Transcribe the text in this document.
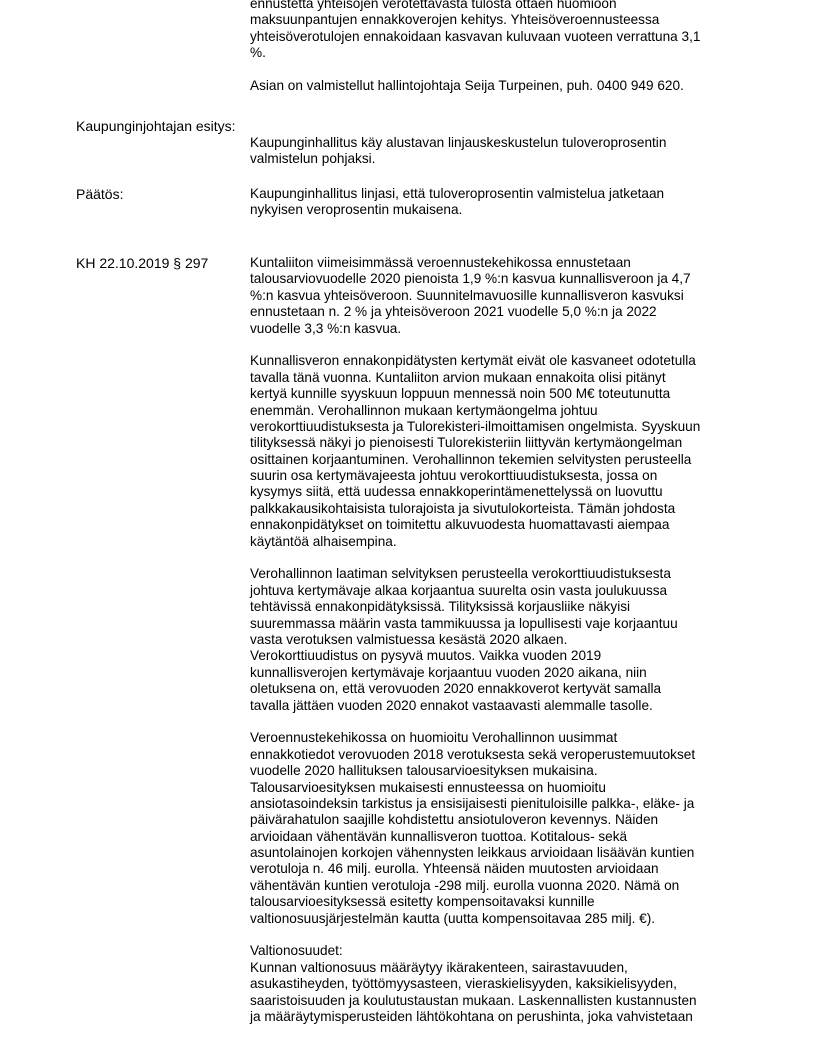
ennustetta yhteisöjen verotettavasta tulosta ottaen huomioon
maksuunpantujen ennakkoverojen kehitys. Yhteisöveroennusteessa
yhteisöverotulojen ennakoidaan kasvavan kuluvaan vuoteen verrattuna 3,1
%.
Asian on valmistellut hallintojohtaja Seija Turpeinen, puh. 0400 949 620.
Kaupunginjohtajan esitys:
Kaupunginhallitus käy alustavan linjauskeskustelun tuloveroprosentin
valmistelun pohjaksi.
Päätös:	Kaupunginhallitus linjasi, että tuloveroprosentin valmistelua jatketaan
nykyisen veroprosentin mukaisena.
KH 22.10.2019 § 297	Kuntaliiton viimeisimmässä veroennustekehikossa ennustetaan
talousarviovuodelle 2020 pienoista 1,9 %:n kasvua kunnallisveroon ja 4,7
%:n kasvua yhteisöveroon. Suunnitelmavuosille kunnallisveron kasvuksi
ennustetaan n. 2 % ja yhteisöveroon 2021 vuodelle 5,0 %:n ja 2022
vuodelle 3,3 %:n kasvua.
Kunnallisveron ennakonpidätysten kertymät eivät ole kasvaneet odotetulla
tavalla tänä vuonna. Kuntaliiton arvion mukaan ennakoita olisi pitänyt
kertyä kunnille syyskuun loppuun mennessä noin 500 M€ toteutunutta
enemmän. Verohallinnon mukaan kertymäongelma johtuu
verokorttiuudistuksesta ja Tulorekisteri-ilmoittamisen ongelmista. Syyskuun
tilityksessä näkyi jo pienoisesti Tulorekisteriin liittyvän kertymäongelman
osittainen korjaantuminen. Verohallinnon tekemien selvitysten perusteella
suurin osa kertymävajeesta johtuu verokorttiuudistuksesta, jossa on
kysymys siitä, että uudessa ennakkoperintämenettelyssä on luovuttu
palkkakausikohtaisista tulorajoista ja sivutulokorteista. Tämän johdosta
ennakonpidätykset on toimitettu alkuvuodesta huomattavasti aiempaa
käytäntöä alhaisempina.
Verohallinnon laatiman selvityksen perusteella verokorttiuudistuksesta
johtuva kertymävaje alkaa korjaantua suurelta osin vasta joulukuussa
tehtävissä ennakonpidätyksissä. Tilityksissä korjausliike näkyisi
suuremmassa määrin vasta tammikuussa ja lopullisesti vaje korjaantuu
vasta verotuksen valmistuessa kesästä 2020 alkaen.
Verokorttiuudistus on pysyvä muutos. Vaikka vuoden 2019
kunnallisverojen kertymävaje korjaantuu vuoden 2020 aikana, niin
oletuksena on, että verovuoden 2020 ennakkoverot kertyvät samalla
tavalla jättäen vuoden 2020 ennakot vastaavasti alemmalle tasolle.
Veroennustekehikossa on huomioitu Verohallinnon uusimmat
ennakkotiedot verovuoden 2018 verotuksesta sekä veroperustemuutokset
vuodelle 2020 hallituksen talousarvioesityksen mukaisina.
Talousarvioesityksen mukaisesti ennusteessa on huomioitu
ansiotasoindeksin tarkistus ja ensisijaisesti pienituloisille palkka-, eläke- ja
päivärahatulon saajille kohdistettu ansiotuloveron kevennys. Näiden
arvioidaan vähentävän kunnallisveron tuottoa. Kotitalous- sekä
asuntolainojen korkojen vähennysten leikkaus arvioidaan lisäävän kuntien
verotuloja n. 46 milj. eurolla. Yhteensä näiden muutosten arvioidaan
vähentävän kuntien verotuloja -298 milj. eurolla vuonna 2020. Nämä on
talousarvioesityksessä esitetty kompensoitavaksi kunnille
valtionosuusjärjestelmän kautta (uutta kompensoitavaa 285 milj. €).
Valtionosuudet:
Kunnan valtionosuus määräytyy ikärakenteen, sairastavuuden,
asukastiheyden, työttömyysasteen, vieraskielisyyden, kaksikielisyyden,
saaristoisuuden ja koulutustaustan mukaan. Laskennallisten kustannusten
ja määräytymisperusteiden lähtökohtana on perushinta, joka vahvistetaan
